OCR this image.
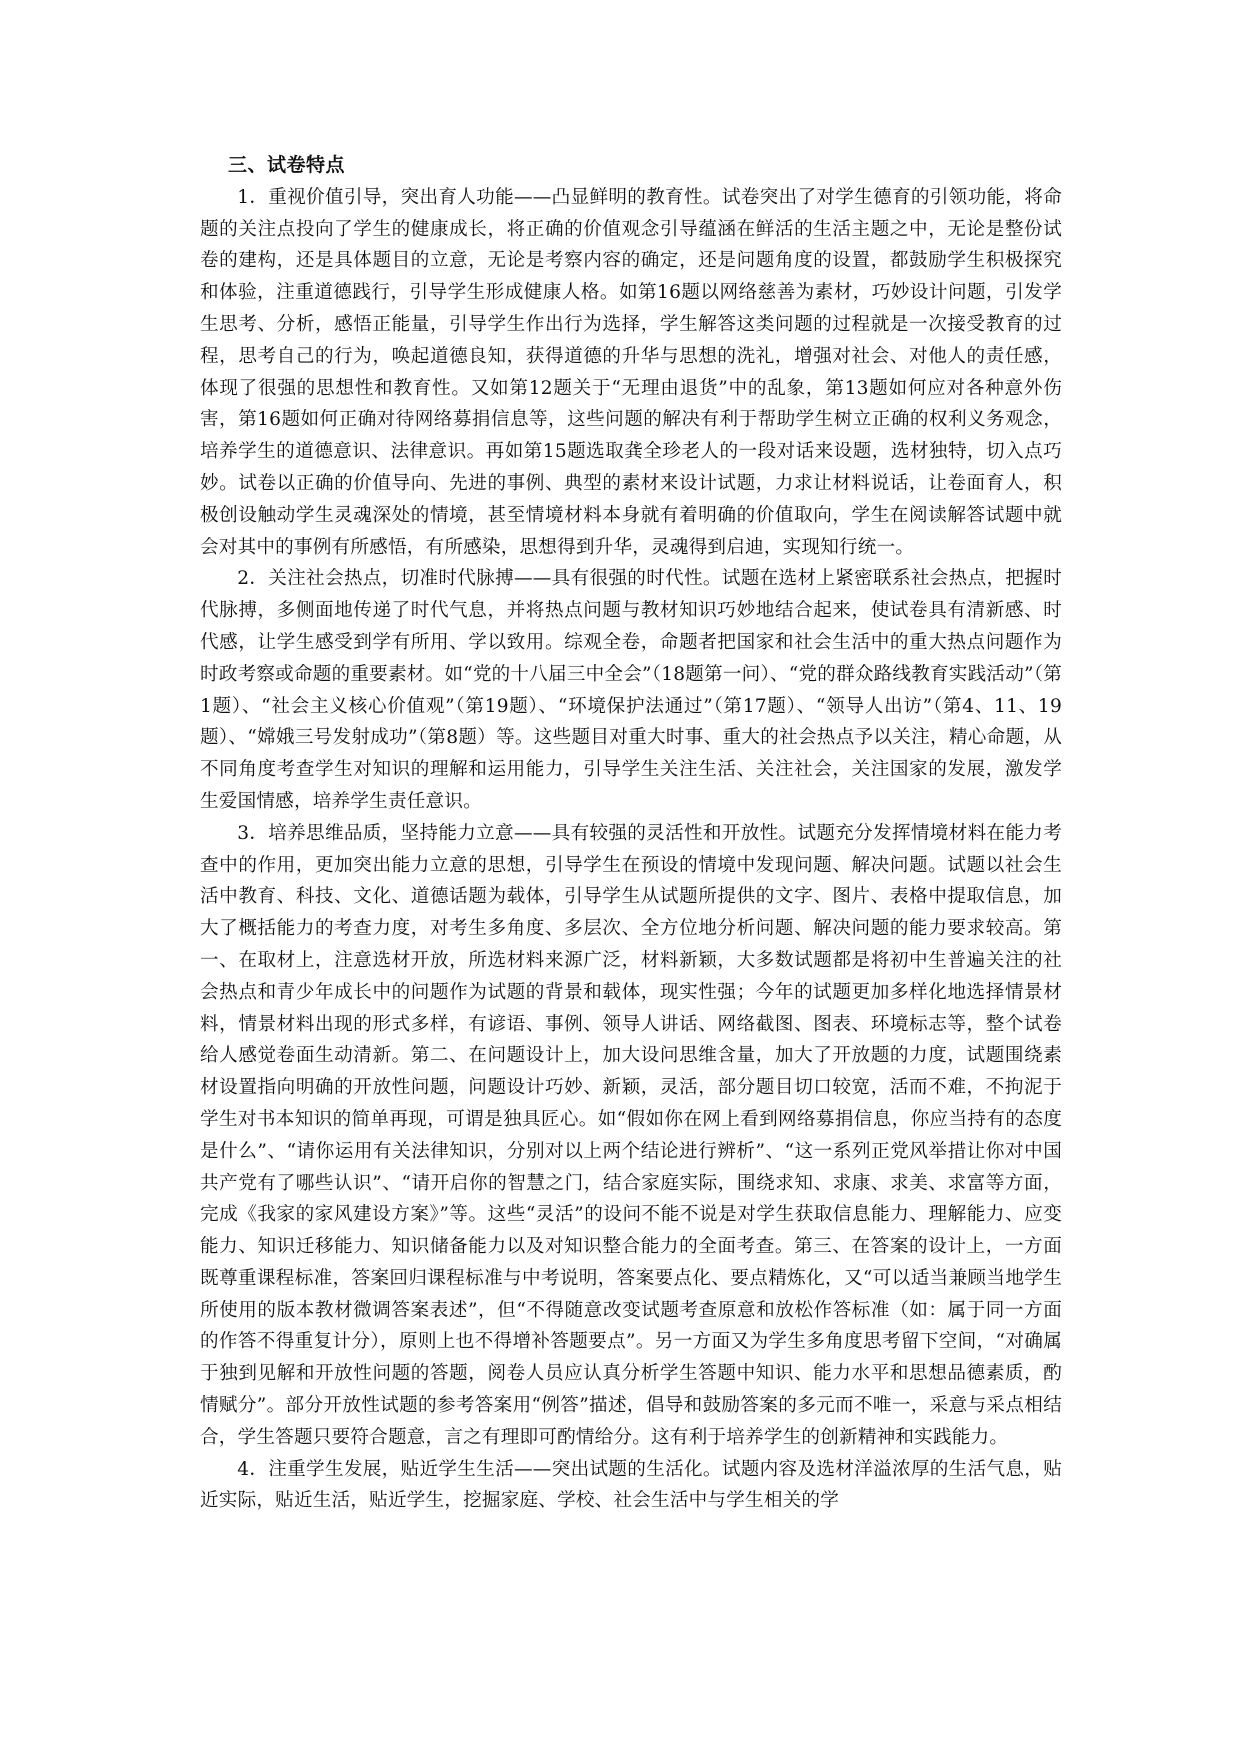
三、试卷特点

1．重视价值引导，突出育人功能——凸显鲜明的教育性。试卷突出了对学生德育的引领功能，将命题的关注点投向了学生的健康成长，将正确的价值观念引导蕴涵在鲜活的生活主题之中，无论是整份试卷的建构，还是具体题目的立意，无论是考察内容的确定，还是问题角度的设置，都鼓励学生积极探究和体验，注重道德践行，引导学生形成健康人格。如第16题以网络慈善为素材，巧妙设计问题，引发学生思考、分析，感悟正能量，引导学生作出行为选择，学生解答这类问题的过程就是一次接受教育的过程，思考自己的行为，唤起道德良知，获得道德的升华与思想的洗礼，增强对社会、对他人的责任感，体现了很强的思想性和教育性。又如第12题关于“无理由退货”中的乱象，第13题如何应对各种意外伤害，第16题如何正确对待网络募捐信息等，这些问题的解决有利于帮助学生树立正确的权利义务观念，培养学生的道德意识、法律意识。再如第15题选取龚全珍老人的一段对话来设题，选材独特，切入点巧妙。试卷以正确的价值导向、先进的事例、典型的素材来设计试题，力求让材料说话，让卷面育人，积极创设触动学生灵魂深处的情境，甚至情境材料本身就有着明确的价值取向，学生在阅读解答试题中就会对其中的事例有所感悟，有所感染，思想得到升华，灵魂得到启迪，实现知行统一。

2．关注社会热点，切准时代脉搏——具有很强的时代性。试题在选材上紧密联系社会热点，把握时代脉搏，多侧面地传递了时代气息，并将热点问题与教材知识巧妙地结合起来，使试卷具有清新感、时代感，让学生感受到学有所用、学以致用。综观全卷，命题者把国家和社会生活中的重大热点问题作为时政考察或命题的重要素材。如“党的十八届三中全会”（18题第一问）、“党的群众路线教育实践活动”（第1题）、“社会主义核心价值观”（第19题）、“环境保护法通过”（第17题）、“领导人出访”（第4、11、19题）、“嫦娥三号发射成功”（第8题）等。这些题目对重大时事、重大的社会热点予以关注，精心命题，从不同角度考查学生对知识的理解和运用能力，引导学生关注生活、关注社会，关注国家的发展，激发学生爱国情感，培养学生责任意识。

3．培养思维品质，坚持能力立意——具有较强的灵活性和开放性。试题充分发挥情境材料在能力考查中的作用，更加突出能力立意的思想，引导学生在预设的情境中发现问题、解决问题。试题以社会生活中教育、科技、文化、道德话题为载体，引导学生从试题所提供的文字、图片、表格中提取信息，加大了概括能力的考查力度，对考生多角度、多层次、全方位地分析问题、解决问题的能力要求较高。第一、在取材上，注意选材开放，所选材料来源广泛，材料新颖，大多数试题都是将初中生普遍关注的社会热点和青少年成长中的问题作为试题的背景和载体，现实性强；今年的试题更加多样化地选择情景材料，情景材料出现的形式多样，有谚语、事例、领导人讲话、网络截图、图表、环境标志等，整个试卷给人感觉卷面生动清新。第二、在问题设计上，加大设问思维含量，加大了开放题的力度，试题围绕素材设置指向明确的开放性问题，问题设计巧妙、新颖，灵活，部分题目切口较宽，活而不难，不拘泥于学生对书本知识的简单再现，可谓是独具匠心。如“假如你在网上看到网络募捐信息，你应当持有的态度是什么”、“请你运用有关法律知识，分别对以上两个结论进行辨析”、“这一系列正党风举措让你对中国共产党有了哪些认识”、“请开启你的智慧之门，结合家庭实际，围绕求知、求康、求美、求富等方面，完成《我家的家风建设方案》”等。这些“灵活”的设问不能不说是对学生获取信息能力、理解能力、应变能力、知识迁移能力、知识储备能力以及对知识整合能力的全面考查。第三、在答案的设计上，一方面既尊重课程标准，答案回归课程标准与中考说明，答案要点化、要点精炼化，又“可以适当兼顾当地学生所使用的版本教材微调答案表述”，但“不得随意改变试题考查原意和放松作答标准（如：属于同一方面的作答不得重复计分），原则上也不得增补答题要点”。另一方面又为学生多角度思考留下空间，“对确属于独到见解和开放性问题的答题，阅卷人员应认真分析学生答题中知识、能力水平和思想品德素质，酌情赋分”。部分开放性试题的参考答案用“例答”描述，倡导和鼓励答案的多元而不唯一，采意与采点相结合，学生答题只要符合题意，言之有理即可酌情给分。这有利于培养学生的创新精神和实践能力。

4．注重学生发展，贴近学生生活——突出试题的生活化。试题内容及选材洋溢浓厚的生活气息，贴近实际，贴近生活，贴近学生，挖掘家庭、学校、社会生活中与学生相关的学
